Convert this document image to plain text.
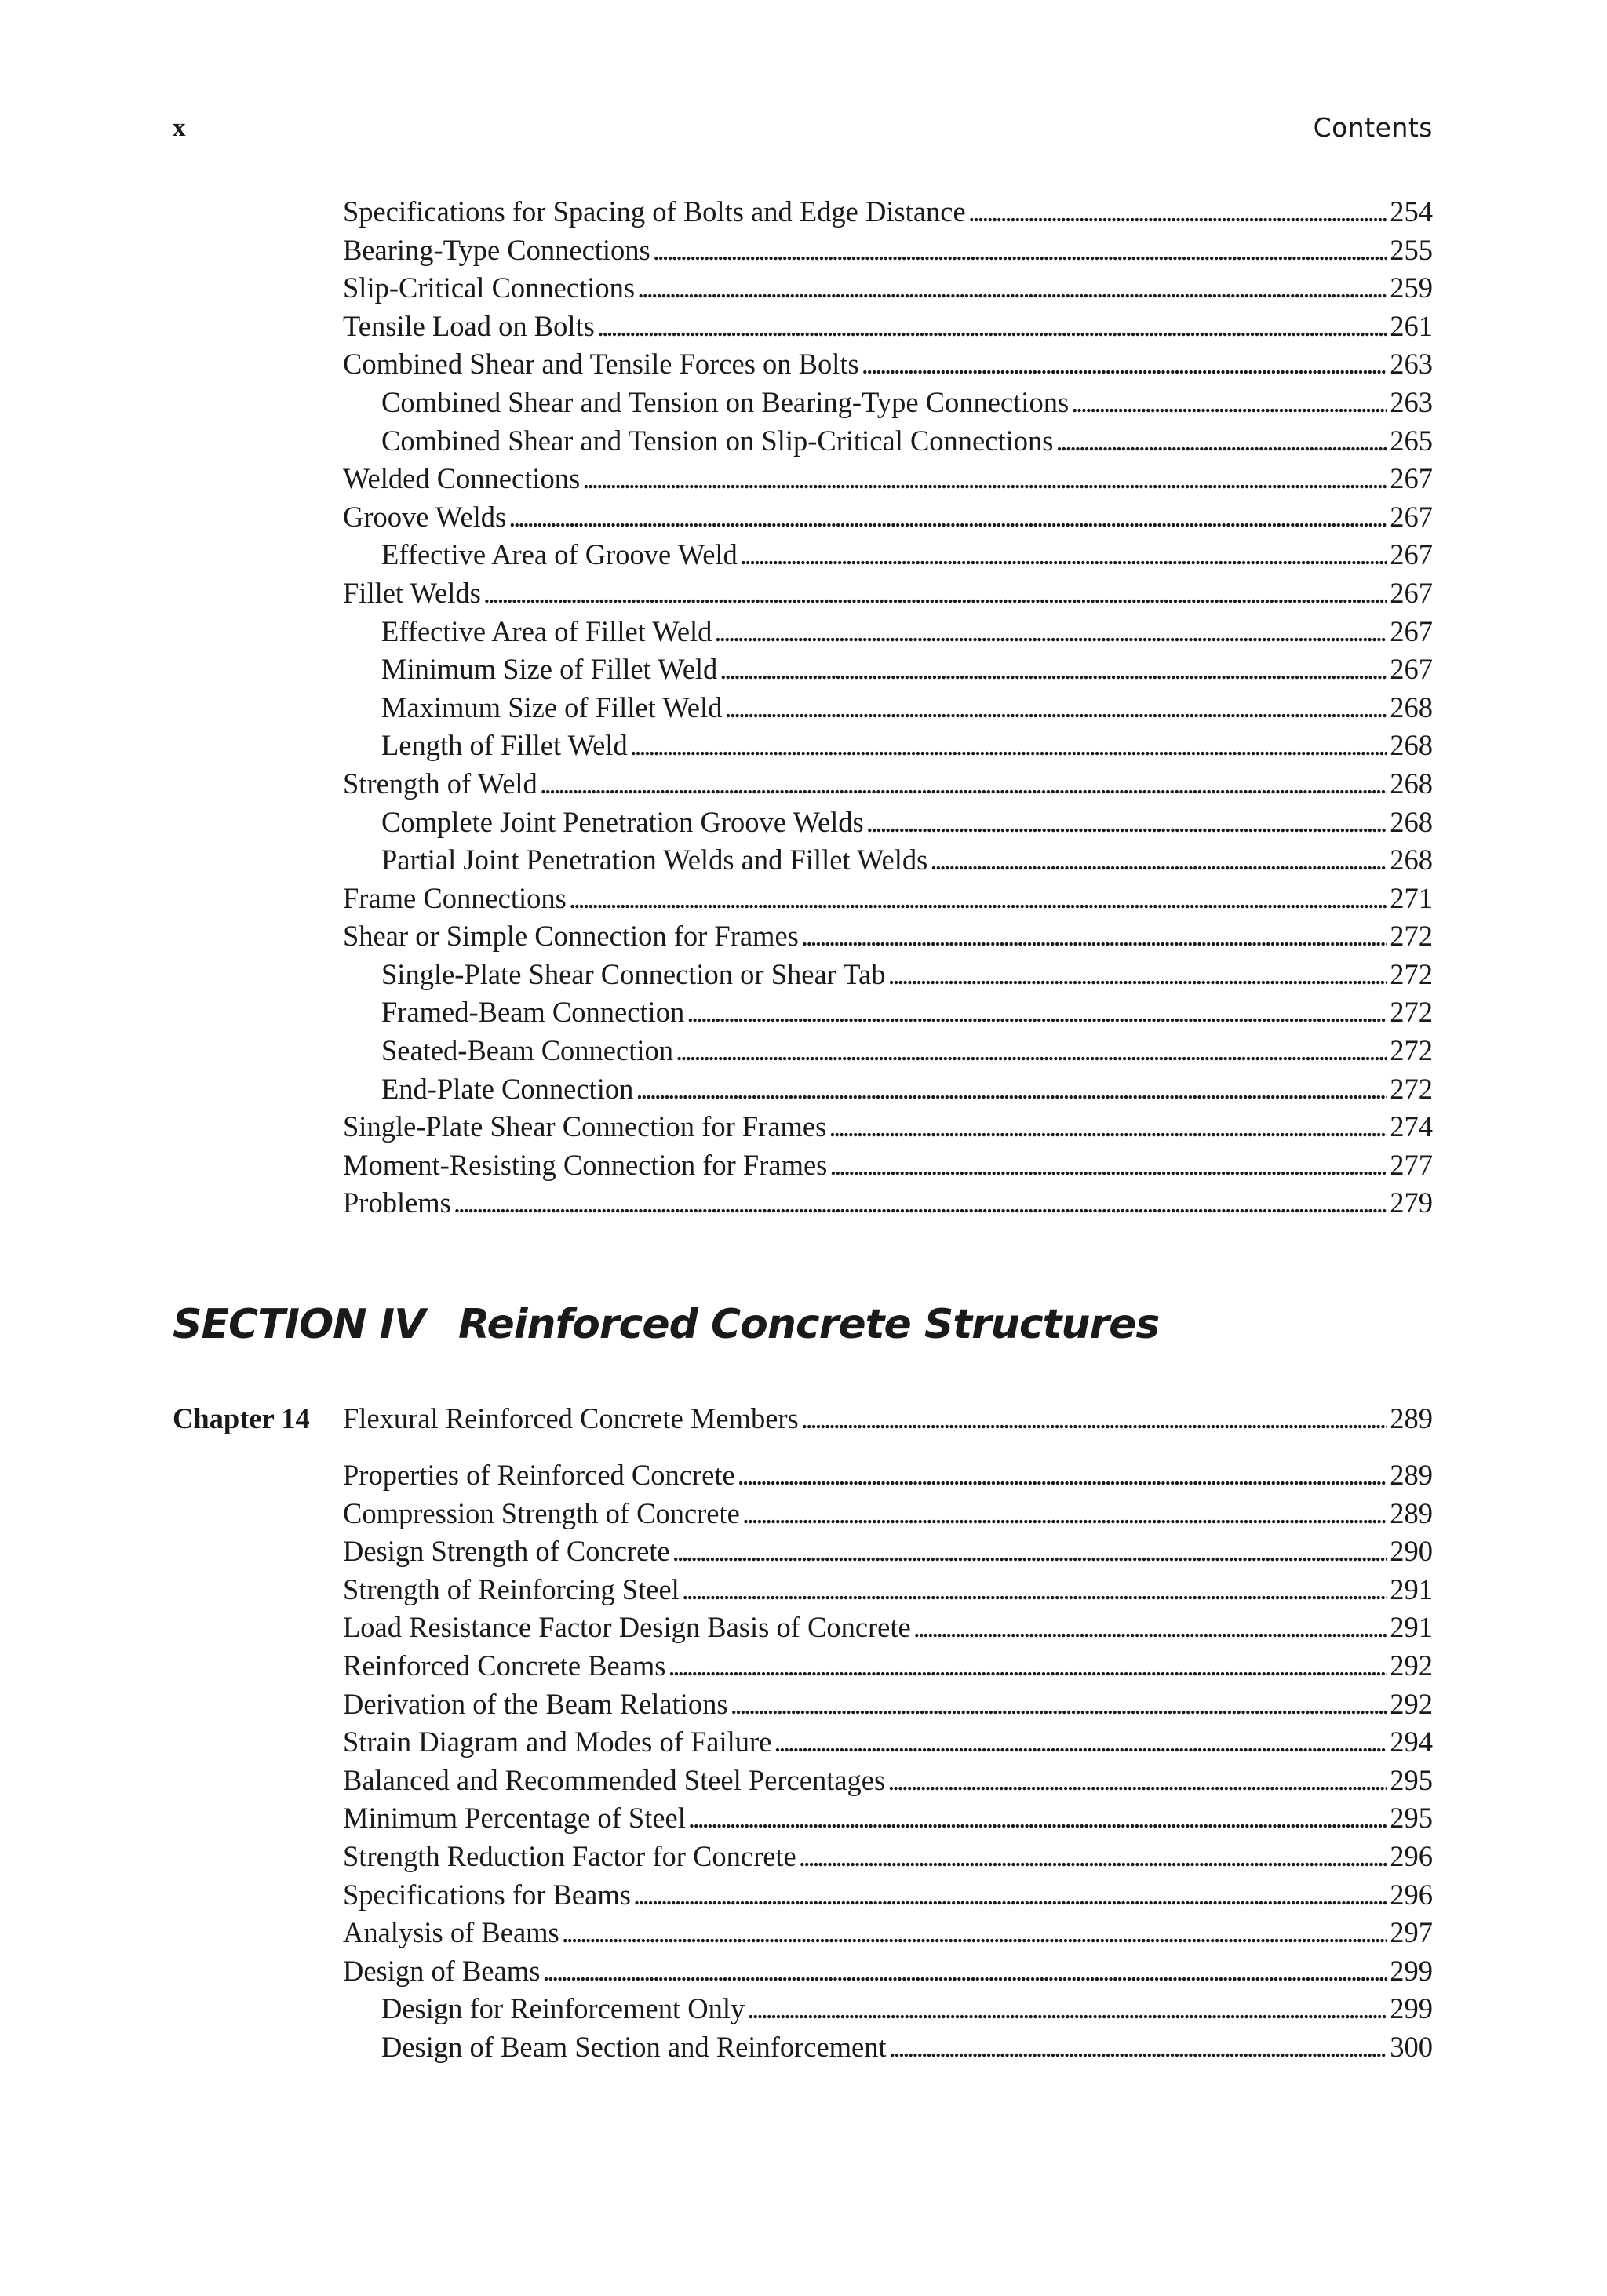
x	Contents
Specifications for Spacing of Bolts and Edge Distance . . .	254
Bearing-Type Connections . . .	255
Slip-Critical Connections . . .	259
Tensile Load on Bolts . . .	261
Combined Shear and Tensile Forces on Bolts . . .	263
Combined Shear and Tension on Bearing-Type Connections . . .	263
Combined Shear and Tension on Slip-Critical Connections . . .	265
Welded Connections . . .	267
Groove Welds . . .	267
Effective Area of Groove Weld . . .	267
Fillet Welds . . .	267
Effective Area of Fillet Weld . . .	267
Minimum Size of Fillet Weld . . .	267
Maximum Size of Fillet Weld . . .	268
Length of Fillet Weld . . .	268
Strength of Weld . . .	268
Complete Joint Penetration Groove Welds . . .	268
Partial Joint Penetration Welds and Fillet Welds . . .	268
Frame Connections . . .	271
Shear or Simple Connection for Frames . . .	272
Single-Plate Shear Connection or Shear Tab . . .	272
Framed-Beam Connection . . .	272
Seated-Beam Connection . . .	272
End-Plate Connection . . .	272
Single-Plate Shear Connection for Frames . . .	274
Moment-Resisting Connection for Frames . . .	277
Problems . . .	279
SECTION IV Reinforced Concrete Structures
Chapter 14 Flexural Reinforced Concrete Members . . .	289
Properties of Reinforced Concrete . . .	289
Compression Strength of Concrete . . .	289
Design Strength of Concrete . . .	290
Strength of Reinforcing Steel . . .	291
Load Resistance Factor Design Basis of Concrete . . .	291
Reinforced Concrete Beams . . .	292
Derivation of the Beam Relations . . .	292
Strain Diagram and Modes of Failure . . .	294
Balanced and Recommended Steel Percentages . . .	295
Minimum Percentage of Steel . . .	295
Strength Reduction Factor for Concrete . . .	296
Specifications for Beams . . .	296
Analysis of Beams . . .	297
Design of Beams . . .	299
Design for Reinforcement Only . . .	299
Design of Beam Section and Reinforcement . . .	300
